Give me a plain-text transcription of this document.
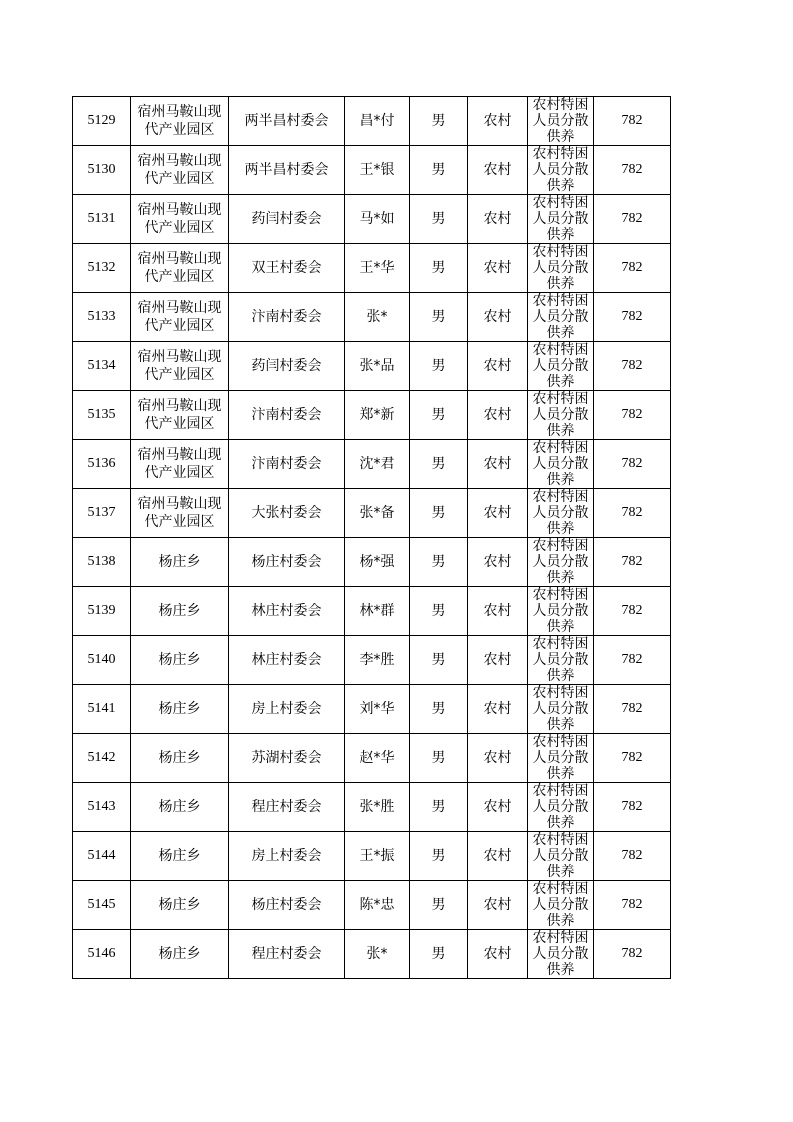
5129	宿州马鞍山现代产业园区	两半昌村委会	昌*付	男	农村	农村特困人员分散供养	782
5130	宿州马鞍山现代产业园区	两半昌村委会	王*银	男	农村	农村特困人员分散供养	782
5131	宿州马鞍山现代产业园区	药闫村委会	马*如	男	农村	农村特困人员分散供养	782
5132	宿州马鞍山现代产业园区	双王村委会	王*华	男	农村	农村特困人员分散供养	782
5133	宿州马鞍山现代产业园区	汴南村委会	张*	男	农村	农村特困人员分散供养	782
5134	宿州马鞍山现代产业园区	药闫村委会	张*品	男	农村	农村特困人员分散供养	782
5135	宿州马鞍山现代产业园区	汴南村委会	郑*新	男	农村	农村特困人员分散供养	782
5136	宿州马鞍山现代产业园区	汴南村委会	沈*君	男	农村	农村特困人员分散供养	782
5137	宿州马鞍山现代产业园区	大张村委会	张*备	男	农村	农村特困人员分散供养	782
5138	杨庄乡	杨庄村委会	杨*强	男	农村	农村特困人员分散供养	782
5139	杨庄乡	林庄村委会	林*群	男	农村	农村特困人员分散供养	782
5140	杨庄乡	林庄村委会	李*胜	男	农村	农村特困人员分散供养	782
5141	杨庄乡	房上村委会	刘*华	男	农村	农村特困人员分散供养	782
5142	杨庄乡	苏湖村委会	赵*华	男	农村	农村特困人员分散供养	782
5143	杨庄乡	程庄村委会	张*胜	男	农村	农村特困人员分散供养	782
5144	杨庄乡	房上村委会	王*振	男	农村	农村特困人员分散供养	782
5145	杨庄乡	杨庄村委会	陈*忠	男	农村	农村特困人员分散供养	782
5146	杨庄乡	程庄村委会	张*	男	农村	农村特困人员分散供养	782
